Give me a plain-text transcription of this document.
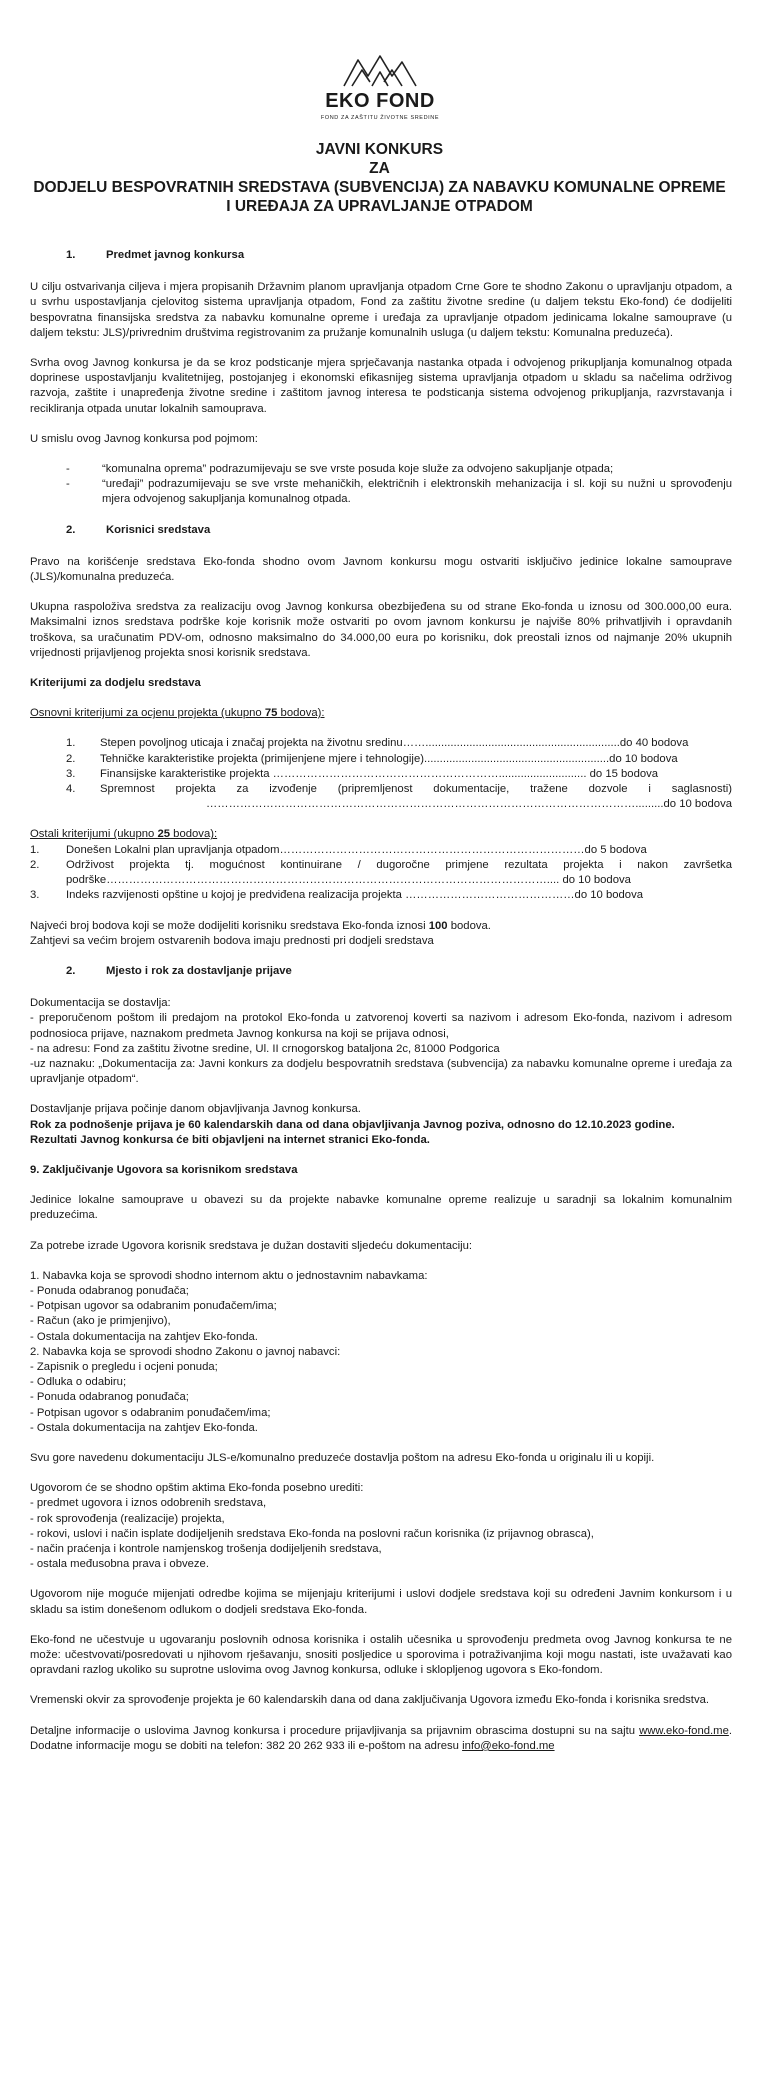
EKO FOND
FOND ZA ZAŠTITU ŽIVOTNE SREDINE
JAVNI KONKURS
ZA
DODJELU BESPOVRATNIH SREDSTAVA (SUBVENCIJA) ZA NABAVKU KOMUNALNE OPREME
I UREĐAJA ZA UPRAVLJANJE OTPADOM
1.	Predmet javnog konkursa

U cilju ostvarivanja ciljeva i mjera propisanih Državnim planom upravljanja otpadom Crne Gore te shodno Zakonu o upravljanju otpadom, a u svrhu uspostavljanja cjelovitog sistema upravljanja otpadom, Fond za zaštitu životne sredine (u daljem tekstu Eko-fond) će dodijeliti bespovratna finansijska sredstva za nabavku komunalne opreme i uređaja za upravljanje otpadom jedinicama lokalne samouprave (u daljem tekstu: JLS)/privrednim društvima registrovanim za pružanje komunalnih usluga (u daljem tekstu: Komunalna preduzeća).

Svrha ovog Javnog konkursa je da se kroz podsticanje mjera sprječavanja nastanka otpada i odvojenog prikupljanja komunalnog otpada doprinese uspostavljanju kvalitetnijeg, postojanjeg i ekonomski efikasnijeg sistema upravljanja otpadom u skladu sa načelima održivog razvoja, zaštite i unapređenja životne sredine i zaštitom javnog interesa te podsticanja sistema odvojenog prikupljanja, razvrstavanja i recikliranja otpada unutar lokalnih samouprava.

U smislu ovog Javnog konkursa pod pojmom:

-	“komunalna oprema” podrazumijevaju se sve vrste posuda koje služe za odvojeno sakupljanje otpada;
-	“uređaji” podrazumijevaju se sve vrste mehaničkih, električnih i elektronskih mehanizacija i sl. koji su nužni u sprovođenju mjera odvojenog sakupljanja komunalnog otpada.
2.	Korisnici sredstava

Pravo na korišćenje sredstava Eko-fonda shodno ovom Javnom konkursu mogu ostvariti isključivo jedinice lokalne samouprave (JLS)/komunalna preduzeća.

Ukupna raspoloživa sredstva za realizaciju ovog Javnog konkursa obezbijeđena su od strane Eko-fonda u iznosu od 300.000,00 eura. Maksimalni iznos sredstava podrške koje korisnik može ostvariti po ovom javnom konkursu je najviše 80% prihvatljivih i opravdanih troškova, sa uračunatim PDV-om, odnosno maksimalno do 34.000,00 eura po korisniku, dok preostali iznos od najmanje 20% ukupnih vrijednosti prijavljenog projekta snosi korisnik sredstava.

Kriterijumi za dodjelu sredstava

Osnovni kriterijumi za ocjenu projekta (ukupno 75 bodova):

1.	Stepen povoljnog uticaja i značaj projekta na životnu sredinu……..............................................................do 40 bodova
2.	Tehničke karakteristike projekta (primijenjene mjere i tehnologije)...........................................................do 10 bodova
3.	Finansijske karakteristike projekta ……………………………………………………............................ do 15 bodova
4.	Spremnost projekta za izvođenje (pripremljenost dokumentacije, tražene dozvole i saglasnosti)
…………………………………………………………………………………………………….........do 10 bodova

Ostali kriterijumi (ukupno 25 bodova):

1.	Donešen Lokalni plan upravljanja otpadom………………………………………………………………………do 5 bodova
2.	Održivost projekta tj. mogućnost kontinuirane / dugoročne primjene rezultata projekta i nakon završetka podrške……………………………………………………………………………………………………….... do 10 bodova
3.	Indeks razvijenosti opštine u kojoj je predviđena realizacija projekta ………………………………………do 10 bodova

Najveći broj bodova koji se može dodijeliti korisniku sredstava Eko-fonda iznosi 100 bodova.

Zahtjevi sa većim brojem ostvarenih bodova imaju prednosti pri dodjeli sredstava

2.	Mjesto i rok za dostavljanje prijave

Dokumentacija se dostavlja:

- preporučenom poštom ili predajom na protokol Eko-fonda u zatvorenoj koverti sa nazivom i adresom Eko-fonda, nazivom i adresom podnosioca prijave, naznakom predmeta Javnog konkursa na koji se prijava odnosi,

- na adresu: Fond za zaštitu životne sredine, Ul. II crnogorskog bataljona 2c, 81000 Podgorica

-uz naznaku: „Dokumentacija za: Javni konkurs za dodjelu bespovratnih sredstava (subvencija) za nabavku komunalne opreme i uređaja za upravljanje otpadom“.

Dostavljanje prijava počinje danom objavljivanja Javnog konkursa.

Rok za podnošenje prijava je 60 kalendarskih dana od dana objavljivanja Javnog poziva, odnosno do 12.10.2023 godine.

Rezultati Javnog konkursa će biti objavljeni na internet stranici Eko-fonda.

9. Zaključivanje Ugovora sa korisnikom sredstava

Jedinice lokalne samouprave u obavezi su da projekte nabavke komunalne opreme realizuje u saradnji sa lokalnim komunalnim preduzećima.

Za potrebe izrade Ugovora korisnik sredstava je dužan dostaviti sljedeću dokumentaciju:

1. Nabavka koja se sprovodi shodno internom aktu o jednostavnim nabavkama:

- Ponuda odabranog ponuđača;

- Potpisan ugovor sa odabranim ponuđačem/ima;

- Račun (ako je primjenjivo),

- Ostala dokumentacija na zahtjev Eko-fonda.

2. Nabavka koja se sprovodi shodno Zakonu o javnoj nabavci:

- Zapisnik o pregledu i ocjeni ponuda;

- Odluka o odabiru;

- Ponuda odabranog ponuđača;

- Potpisan ugovor s odabranim ponuđačem/ima;

- Ostala dokumentacija na zahtjev Eko-fonda.

Svu gore navedenu dokumentaciju JLS-e/komunalno preduzeće dostavlja poštom na adresu Eko-fonda u originalu ili u kopiji.

Ugovorom će se shodno opštim aktima Eko-fonda posebno urediti:

- predmet ugovora i iznos odobrenih sredstava,

- rok sprovođenja (realizacije) projekta,

- rokovi, uslovi i način isplate dodijeljenih sredstava Eko-fonda na poslovni račun korisnika (iz prijavnog obrasca),

- način praćenja i kontrole namjenskog trošenja dodijeljenih sredstava,

- ostala međusobna prava i obveze.

Ugovorom nije moguće mijenjati odredbe kojima se mijenjaju kriterijumi i uslovi dodjele sredstava koji su određeni Javnim konkursom i u skladu sa istim donešenom odlukom o dodjeli sredstava Eko-fonda.

Eko-fond ne učestvuje u ugovaranju poslovnih odnosa korisnika i ostalih učesnika u sprovođenju predmeta ovog Javnog konkursa te ne može: učestvovati/posredovati u njihovom rješavanju, snositi posljedice u sporovima i potraživanjima koji mogu nastati, iste uvažavati kao opravdani razlog ukoliko su suprotne uslovima ovog Javnog konkursa, odluke i skloplјenog ugovora s Eko-fondom.

Vremenski okvir za sprovođenje projekta je 60 kalendarskih dana od dana zaključivanja Ugovora između Eko-fonda i korisnika sredstva.

Detaljne informacije o uslovima Javnog konkursa i procedure prijavljivanja sa prijavnim obrascima dostupni su na sajtu www.eko-fond.me. Dodatne informacije mogu se dobiti na telefon: 382 20 262 933 ili e-poštom na adresu info@eko-fond.me
